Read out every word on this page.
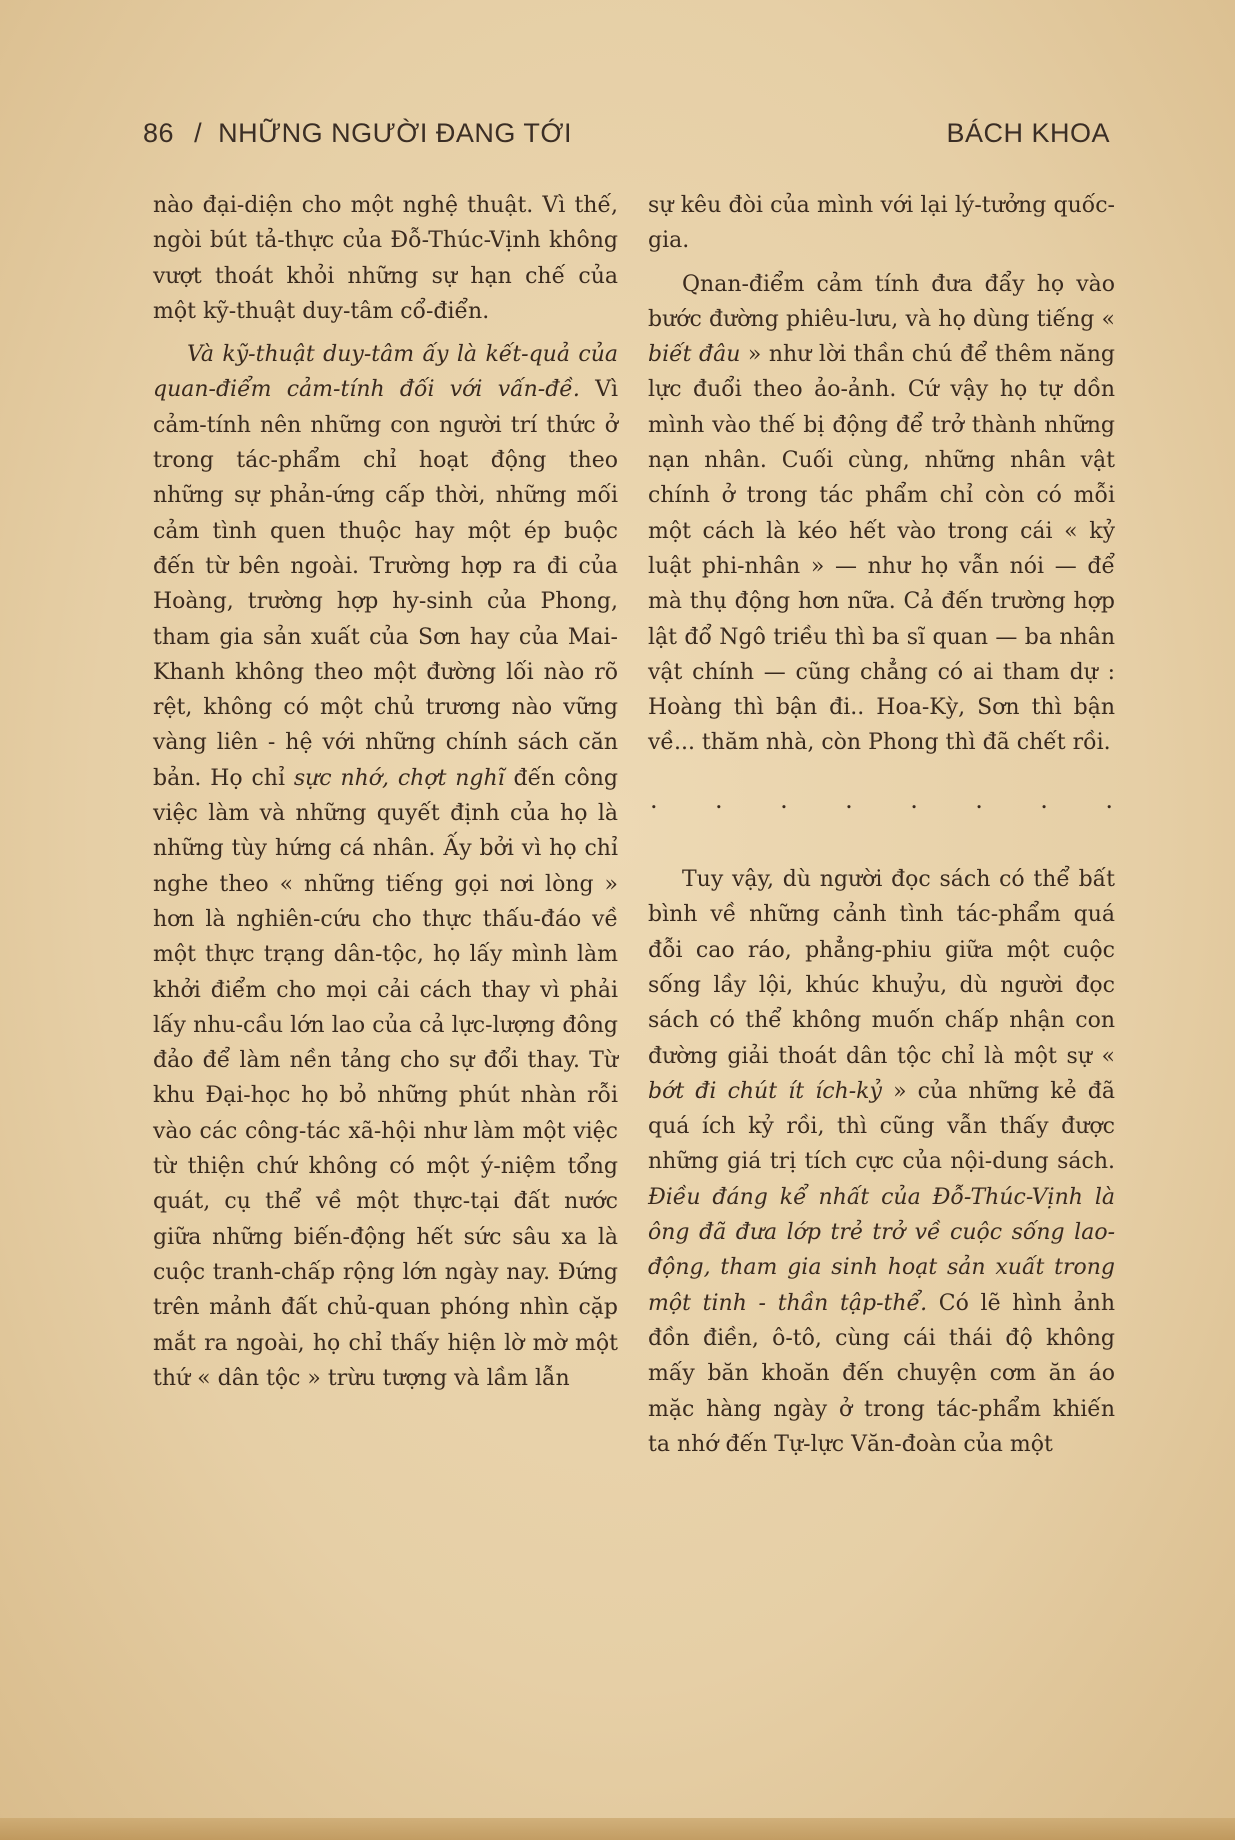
86 / NHỮNG NGƯỜI ĐANG TỚI	BÁCH KHOA

nào đại-diện cho một nghệ thuật. Vì thế, ngòi bút tả-thực của Đỗ-Thúc-Vịnh không vượt thoát khỏi những sự hạn chế của một kỹ-thuật duy-tâm cổ-điển.

Và kỹ-thuật duy-tâm ấy là kết-quả của quan-điểm cảm-tính đối với vấn-đề. Vì cảm-tính nên những con người trí thức ở trong tác-phẩm chỉ hoạt động theo những sự phản-ứng cấp thời, những mối cảm tình quen thuộc hay một ép buộc đến từ bên ngoài. Trường hợp ra đi của Hoàng, trường hợp hy-sinh của Phong, tham gia sản xuất của Sơn hay của Mai-Khanh không theo một đường lối nào rõ rệt, không có một chủ trương nào vững vàng liên - hệ với những chính sách căn bản. Họ chỉ sực nhớ, chợt nghĩ đến công việc làm và những quyết định của họ là những tùy hứng cá nhân. Ấy bởi vì họ chỉ nghe theo « những tiếng gọi nơi lòng » hơn là nghiên-cứu cho thực thấu-đáo về một thực trạng dân-tộc, họ lấy mình làm khởi điểm cho mọi cải cách thay vì phải lấy nhu-cầu lớn lao của cả lực-lượng đông đảo để làm nền tảng cho sự đổi thay. Từ khu Đại-học họ bỏ những phút nhàn rỗi vào các công-tác xã-hội như làm một việc từ thiện chứ không có một ý-niệm tổng quát, cụ thể về một thực-tại đất nước giữa những biến-động hết sức sâu xa là cuộc tranh-chấp rộng lớn ngày nay. Đứng trên mảnh đất chủ-quan phóng nhìn cặp mắt ra ngoài, họ chỉ thấy hiện lờ mờ một thứ « dân tộc » trừu tượng và lầm lẫn

sự kêu đòi của mình với lại lý-tưởng quốc-gia.

Qnan-điểm cảm tính đưa đẩy họ vào bước đường phiêu-lưu, và họ dùng tiếng « biết đâu » như lời thần chú để thêm năng lực đuổi theo ảo-ảnh. Cứ vậy họ tự dồn mình vào thế bị động để trở thành những nạn nhân. Cuối cùng, những nhân vật chính ở trong tác phẩm chỉ còn có mỗi một cách là kéo hết vào trong cái « kỷ luật phi-nhân » — như họ vẫn nói — để mà thụ động hơn nữa. Cả đến trường hợp lật đổ Ngô triều thì ba sĩ quan — ba nhân vật chính — cũng chẳng có ai tham dự : Hoàng thì bận đi.. Hoa-Kỳ, Sơn thì bận về... thăm nhà, còn Phong thì đã chết rồi.

. . . . . . . .

Tuy vậy, dù người đọc sách có thể bất bình về những cảnh tình tác-phẩm quá đỗi cao ráo, phẳng-phiu giữa một cuộc sống lầy lội, khúc khuỷu, dù người đọc sách có thể không muốn chấp nhận con đường giải thoát dân tộc chỉ là một sự « bớt đi chút ít ích-kỷ » của những kẻ đã quá ích kỷ rồi, thì cũng vẫn thấy được những giá trị tích cực của nội-dung sách. Điều đáng kể nhất của Đỗ-Thúc-Vịnh là ông đã đưa lớp trẻ trở về cuộc sống lao-động, tham gia sinh hoạt sản xuất trong một tinh - thần tập-thể. Có lẽ hình ảnh đồn điền, ô-tô, cùng cái thái độ không mấy băn khoăn đến chuyện cơm ăn áo mặc hàng ngày ở trong tác-phẩm khiến ta nhớ đến Tự-lực Văn-đoàn của một
